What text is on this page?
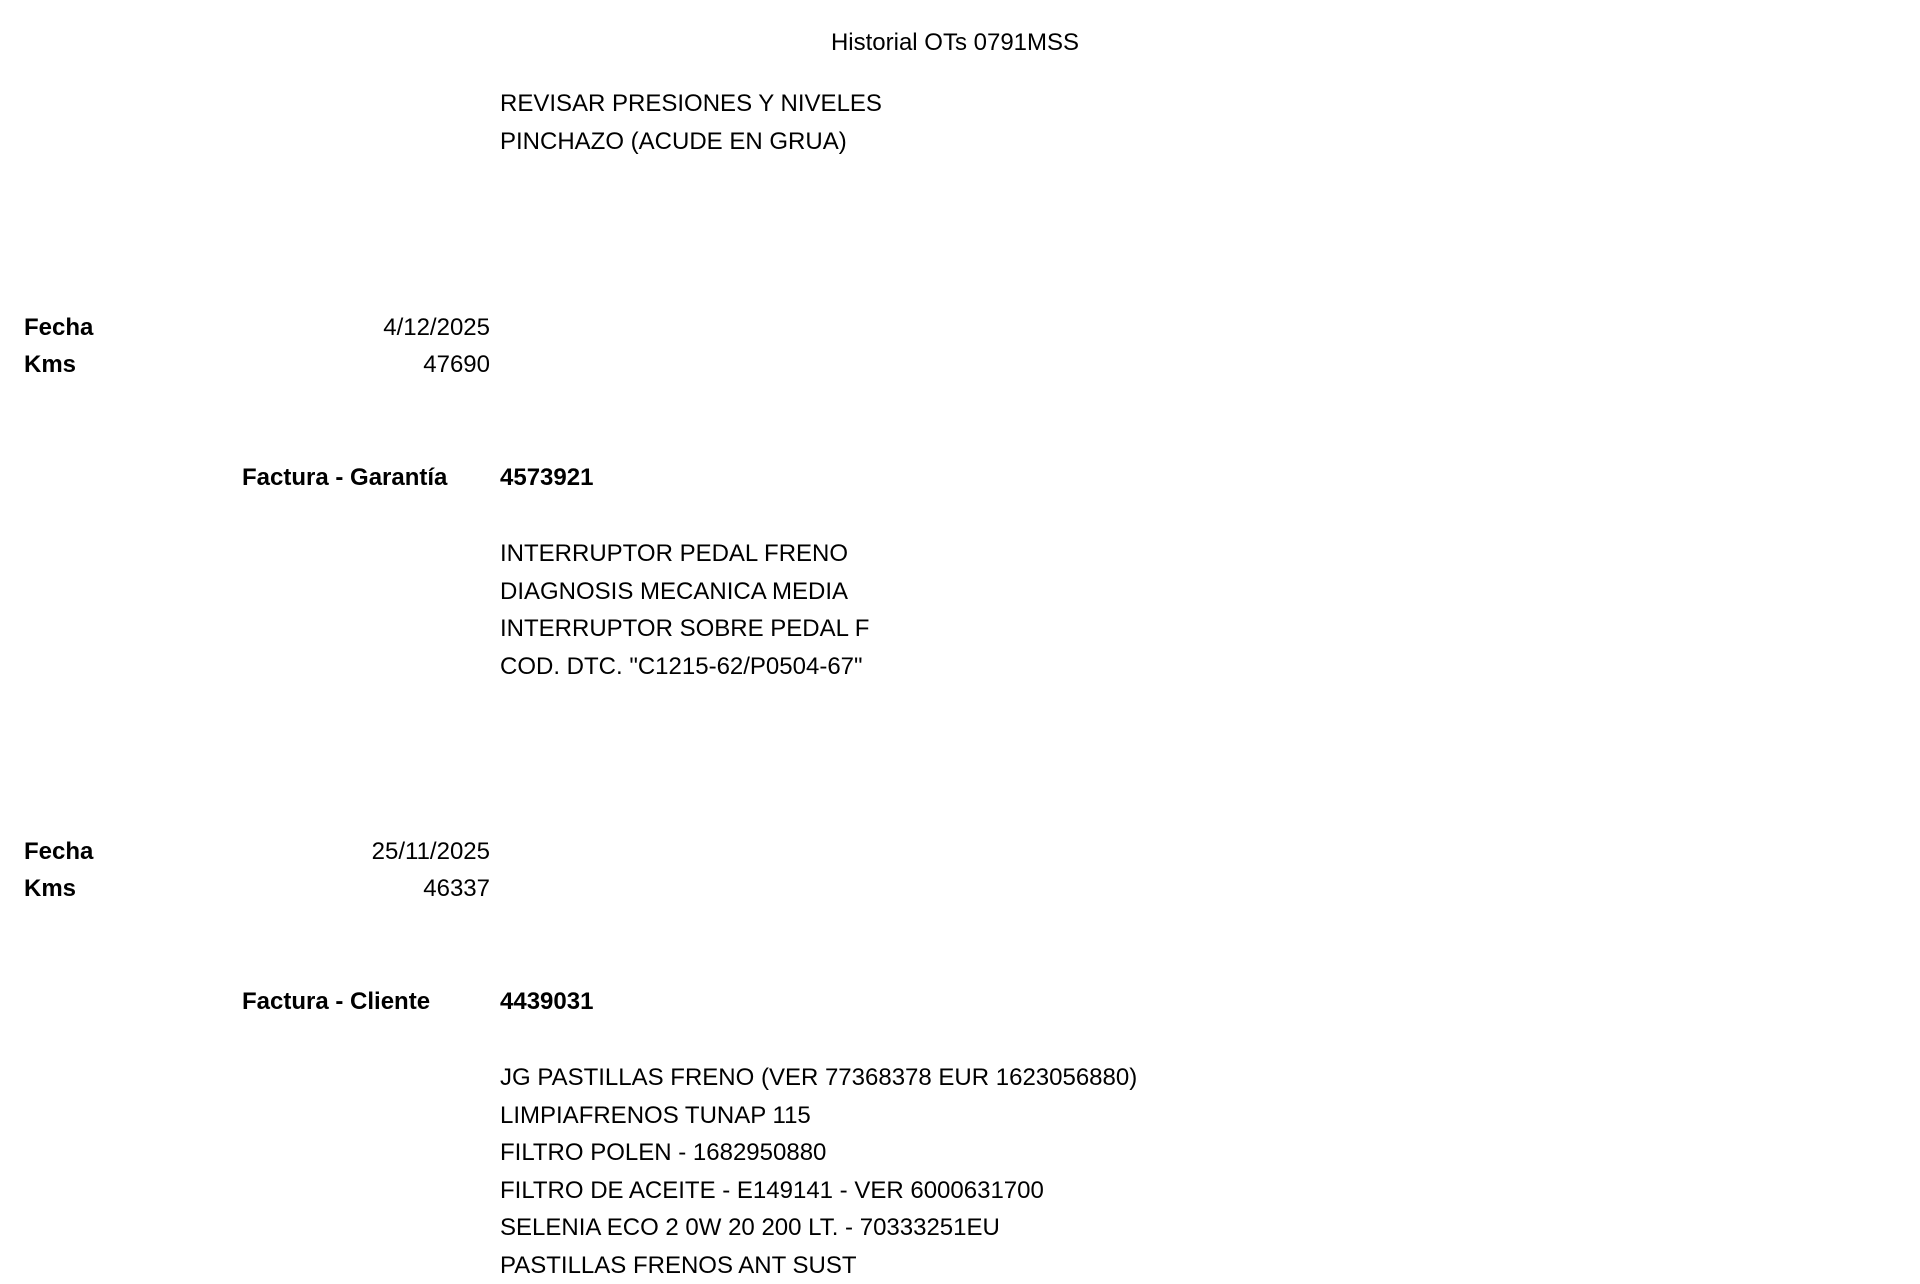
Historial OTs 0791MSS
REVISAR PRESIONES Y NIVELES
PINCHAZO (ACUDE EN GRUA)
Fecha	4/12/2025
Kms	47690
Factura - Garantía 4573921
INTERRUPTOR PEDAL FRENO
DIAGNOSIS MECANICA MEDIA
INTERRUPTOR SOBRE PEDAL F
COD. DTC. "C1215-62/P0504-67"
Fecha	25/11/2025
Kms	46337
Factura - Cliente	4439031
JG PASTILLAS FRENO (VER 77368378 EUR 1623056880)
LIMPIAFRENOS TUNAP 115
FILTRO POLEN - 1682950880
FILTRO DE ACEITE - E149141 - VER 6000631700
SELENIA ECO 2 0W 20 200 LT. - 70333251EU
PASTILLAS FRENOS ANT SUST
